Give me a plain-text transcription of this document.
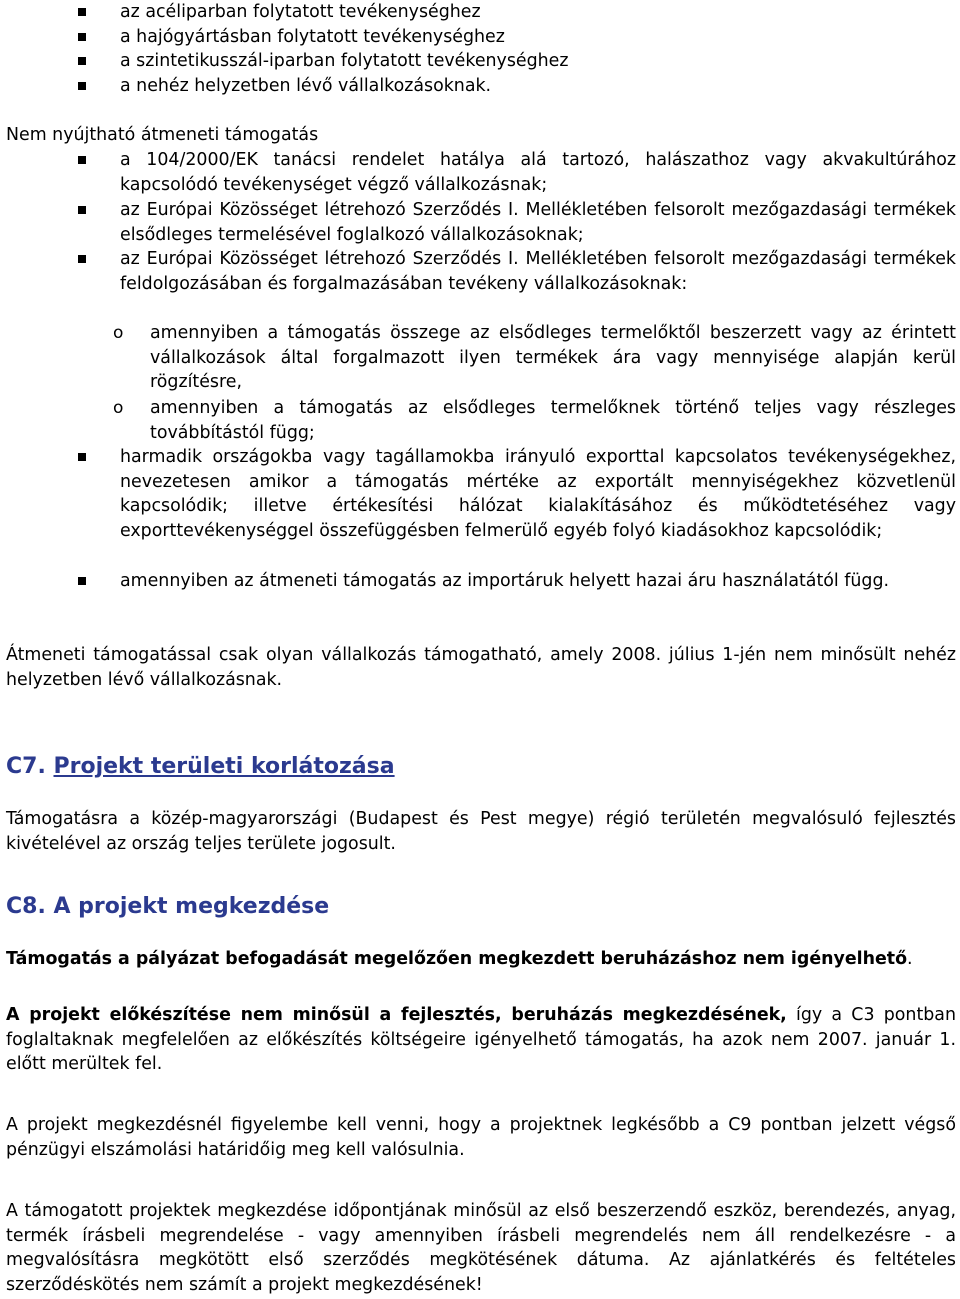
az acéliparban folytatott tevékenységhez

a hajógyártásban folytatott tevékenységhez

a szintetikusszál-iparban folytatott tevékenységhez

a nehéz helyzetben lévő vállalkozásoknak.

Nem nyújtható átmeneti támogatás

a 104/2000/EK tanácsi rendelet hatálya alá tartozó, halászathoz vagy akvakultúrához kapcsolódó tevékenységet végző vállalkozásnak;

az Európai Közösséget létrehozó Szerződés I. Mellékletében felsorolt mezőgazdasági termékek elsődleges termelésével foglalkozó vállalkozásoknak;

az Európai Közösséget létrehozó Szerződés I. Mellékletében felsorolt mezőgazdasági termékek feldolgozásában és forgalmazásában tevékeny vállalkozásoknak:

o amennyiben a támogatás összege az elsődleges termelőktől beszerzett vagy az érintett vállalkozások által forgalmazott ilyen termékek ára vagy mennyisége alapján kerül rögzítésre,

o amennyiben a támogatás az elsődleges termelőknek történő teljes vagy részleges továbbítástól függ;

harmadik országokba vagy tagállamokba irányuló exporttal kapcsolatos tevékenységekhez, nevezetesen amikor a támogatás mértéke az exportált mennyiségekhez közvetlenül kapcsolódik; illetve értékesítési hálózat kialakításához és működtetéséhez vagy exporttevékenységgel összefüggésben felmerülő egyéb folyó kiadásokhoz kapcsolódik;

amennyiben az átmeneti támogatás az importáruk helyett hazai áru használatától függ.

Átmeneti támogatással csak olyan vállalkozás támogatható, amely 2008. július 1-jén nem minősült nehéz helyzetben lévő vállalkozásnak.

C7. Projekt területi korlátozása

Támogatásra a közép-magyarországi (Budapest és Pest megye) régió területén megvalósuló fejlesztés kivételével az ország teljes területe jogosult.

C8. A projekt megkezdése

Támogatás a pályázat befogadását megelőzően megkezdett beruházáshoz nem igényelhető.

A projekt előkészítése nem minősül a fejlesztés, beruházás megkezdésének, így a C3 pontban foglaltaknak megfelelően az előkészítés költségeire igényelhető támogatás, ha azok nem 2007. január 1. előtt merültek fel.

A projekt megkezdésnél figyelembe kell venni, hogy a projektnek legkésőbb a C9 pontban jelzett végső pénzügyi elszámolási határidőig meg kell valósulnia.

A támogatott projektek megkezdése időpontjának minősül az első beszerzendő eszköz, berendezés, anyag, termék írásbeli megrendelése - vagy amennyiben írásbeli megrendelés nem áll rendelkezésre - a megvalósításra megkötött első szerződés megkötésének dátuma. Az ajánlatkérés és feltételes szerződéskötés nem számít a projekt megkezdésének!
